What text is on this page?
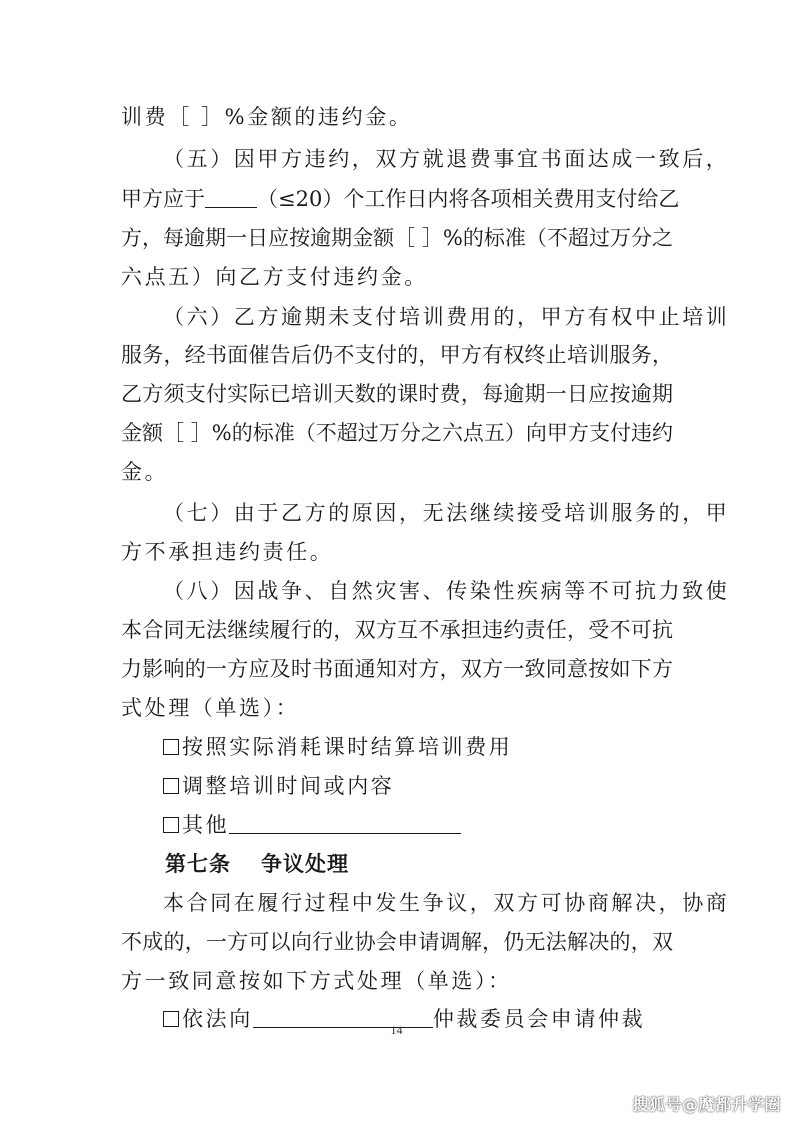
训费［ ］%金额的违约金。
（五）因甲方违约，双方就退费事宜书面达成一致后，
甲方应于 （≤20）个工作日内将各项相关费用支付给乙
方，每逾期一日应按逾期金额［ ］%的标准（不超过万分之
六点五）向乙方支付违约金。
（六）乙方逾期未支付培训费用的，甲方有权中止培训
服务，经书面催告后仍不支付的，甲方有权终止培训服务，
乙方须支付实际已培训天数的课时费，每逾期一日应按逾期
金额［ ］%的标准（不超过万分之六点五）向甲方支付违约
金。
（七）由于乙方的原因，无法继续接受培训服务的，甲
方不承担违约责任。
（八）因战争、自然灾害、传染性疾病等不可抗力致使
本合同无法继续履行的，双方互不承担违约责任，受不可抗
力影响的一方应及时书面通知对方，双方一致同意按如下方
式处理（单选）：
按照实际消耗课时结算培训费用
调整培训时间或内容
其他
第七条 争议处理
本合同在履行过程中发生争议，双方可协商解决，协商
不成的，一方可以向行业协会申请调解，仍无法解决的，双
方一致同意按如下方式处理（单选）：
依法向	仲裁委员会申请仲裁
14
搜狐号@魔都升学圈
